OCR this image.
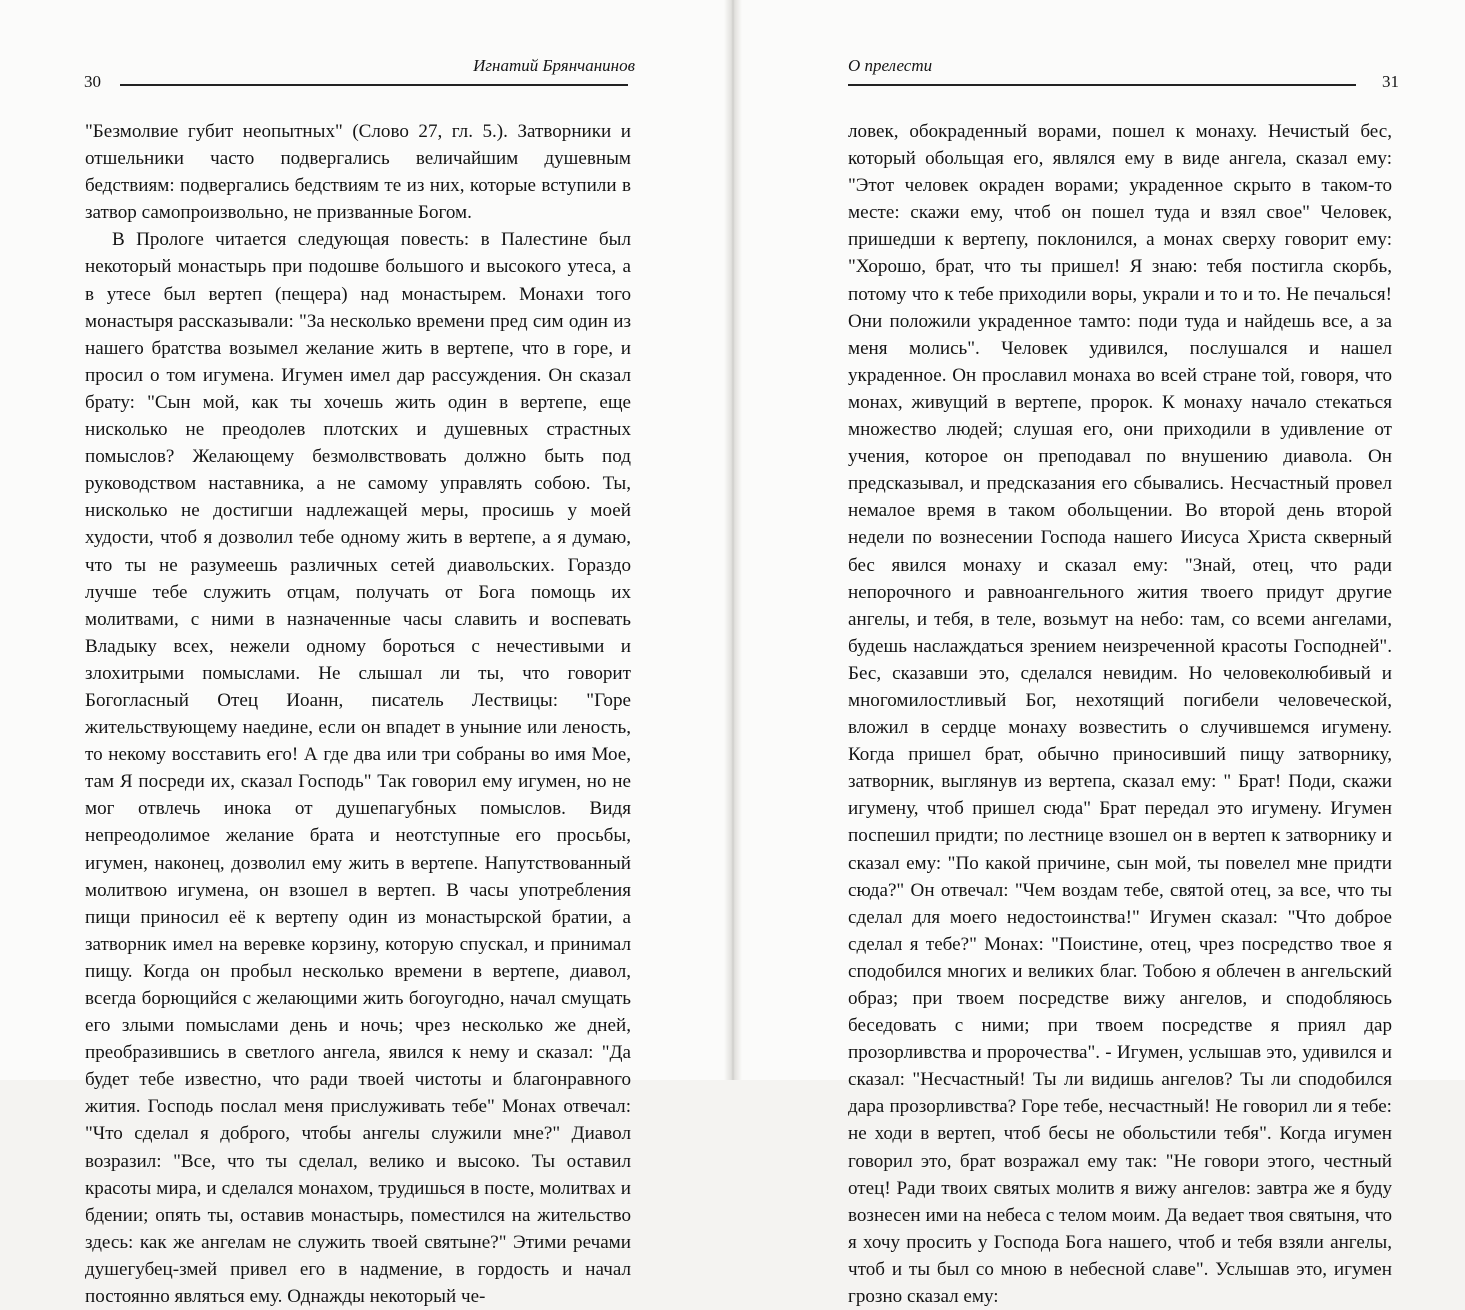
30
Игнатий Брянчанинов

"Безмолвие губит неопытных" (Слово 27, гл. 5.). Затворники и отшельники часто подвергались величайшим душевным бедствиям: подвергались бедствиям те из них, которые вступили в затвор самопроизвольно, не призванные Богом.

В Прологе читается следующая повесть: в Палестине был некоторый монастырь при подошве большого и высокого утеса, а в утесе был вертеп (пещера) над монастырем. Монахи того монастыря рассказывали: "За несколько времени пред сим один из нашего братства возымел желание жить в вертепе, что в горе, и просил о том игумена. Игумен имел дар рассуждения. Он сказал брату: "Сын мой, как ты хочешь жить один в вертепе, еще нисколько не преодолев плотских и душевных страстных помыслов? Желающему безмолвствовать должно быть под руководством наставника, а не самому управлять собою. Ты, нисколько не достигши надлежащей меры, просишь у моей худости, чтоб я дозволил тебе одному жить в вертепе, а я думаю, что ты не разумеешь различных сетей диавольских. Гораздо лучше тебе служить отцам, получать от Бога помощь их молитвами, с ними в назначенные часы славить и воспевать Владыку всех, нежели одному бороться с нечестивыми и злохитрыми помыслами. Не слышал ли ты, что говорит Богогласный Отец Иоанн, писатель Лествицы: "Горе жительствующему наедине, если он впадет в уныние или леность, то некому восставить его! А где два или три собраны во имя Мое, там Я посреди их, сказал Господь" Так говорил ему игумен, но не мог отвлечь инока от душепагубных помыслов. Видя непреодолимое желание брата и неотступные его просьбы, игумен, наконец, дозволил ему жить в вертепе. Напутствованный молитвою игумена, он взошел в вертеп. В часы употребления пищи приносил её к вертепу один из монастырской братии, а затворник имел на веревке корзину, которую спускал, и принимал пищу. Когда он пробыл несколько времени в вертепе, диавол, всегда борющийся с желающими жить богоугодно, начал смущать его злыми помыслами день и ночь; чрез несколько же дней, преобразившись в светлого ангела, явился к нему и сказал: "Да будет тебе известно, что ради твоей чистоты и благонравного жития. Господь послал меня прислуживать тебе" Монах отвечал: "Что сделал я доброго, чтобы ангелы служили мне?" Диавол возразил: "Все, что ты сделал, велико и высоко. Ты оставил красоты мира, и сделался монахом, трудишься в посте, молитвах и бдении; опять ты, оставив монастырь, поместился на жительство здесь: как же ангелам не служить твоей святыне?" Этими речами душегубец-змей привел его в надмение, в гордость и начал постоянно являться ему. Однажды некоторый че-

О прелести
31

ловек, обокраденный ворами, пошел к монаху. Нечистый бес, который обольщая его, являлся ему в виде ангела, сказал ему: "Этот человек окраден ворами; украденное скрыто в таком-то месте: скажи ему, чтоб он пошел туда и взял свое" Человек, пришедши к вертепу, поклонился, а монах сверху говорит ему: "Хорошо, брат, что ты пришел! Я знаю: тебя постигла скорбь, потому что к тебе приходили воры, украли и то и то. Не печалься! Они положили украденное тамто: поди туда и найдешь все, а за меня молись". Человек удивился, послушался и нашел украденное. Он прославил монаха во всей стране той, говоря, что монах, живущий в вертепе, пророк. К монаху начало стекаться множество людей; слушая его, они приходили в удивление от учения, которое он преподавал по внушению диавола. Он предсказывал, и предсказания его сбывались. Несчастный провел немалое время в таком обольщении. Во второй день второй недели по вознесении Господа нашего Иисуса Христа скверный бес явился монаху и сказал ему: "Знай, отец, что ради непорочного и равноангельного жития твоего придут другие ангелы, и тебя, в теле, возьмут на небо: там, со всеми ангелами, будешь наслаждаться зрением неизреченной красоты Господней". Бес, сказавши это, сделался невидим. Но человеколюбивый и многомилостливый Бог, нехотящий погибели человеческой, вложил в сердце монаху возвестить о случившемся игумену. Когда пришел брат, обычно приносивший пищу затворнику, затворник, выглянув из вертепа, сказал ему: " Брат! Поди, скажи игумену, чтоб пришел сюда" Брат передал это игумену. Игумен поспешил придти; по лестнице взошел он в вертеп к затворнику и сказал ему: "По какой причине, сын мой, ты повелел мне придти сюда?" Он отвечал: "Чем воздам тебе, святой отец, за все, что ты сделал для моего недостоинства!" Игумен сказал: "Что доброе сделал я тебе?" Монах: "Поистине, отец, чрез посредство твое я сподобился многих и великих благ. Тобою я облечен в ангельский образ; при твоем посредстве вижу ангелов, и сподобляюсь беседовать с ними; при твоем посредстве я приял дар прозорливства и пророчества". - Игумен, услышав это, удивился и сказал: "Несчастный! Ты ли видишь ангелов? Ты ли сподобился дара прозорливства? Горе тебе, несчастный! Не говорил ли я тебе: не ходи в вертеп, чтоб бесы не обольстили тебя". Когда игумен говорил это, брат возражал ему так: "Не говори этого, честный отец! Ради твоих святых молитв я вижу ангелов: завтра же я буду вознесен ими на небеса с телом моим. Да ведает твоя святыня, что я хочу просить у Господа Бога нашего, чтоб и тебя взяли ангелы, чтоб и ты был со мною в небесной славе". Услышав это, игумен грозно сказал ему:
